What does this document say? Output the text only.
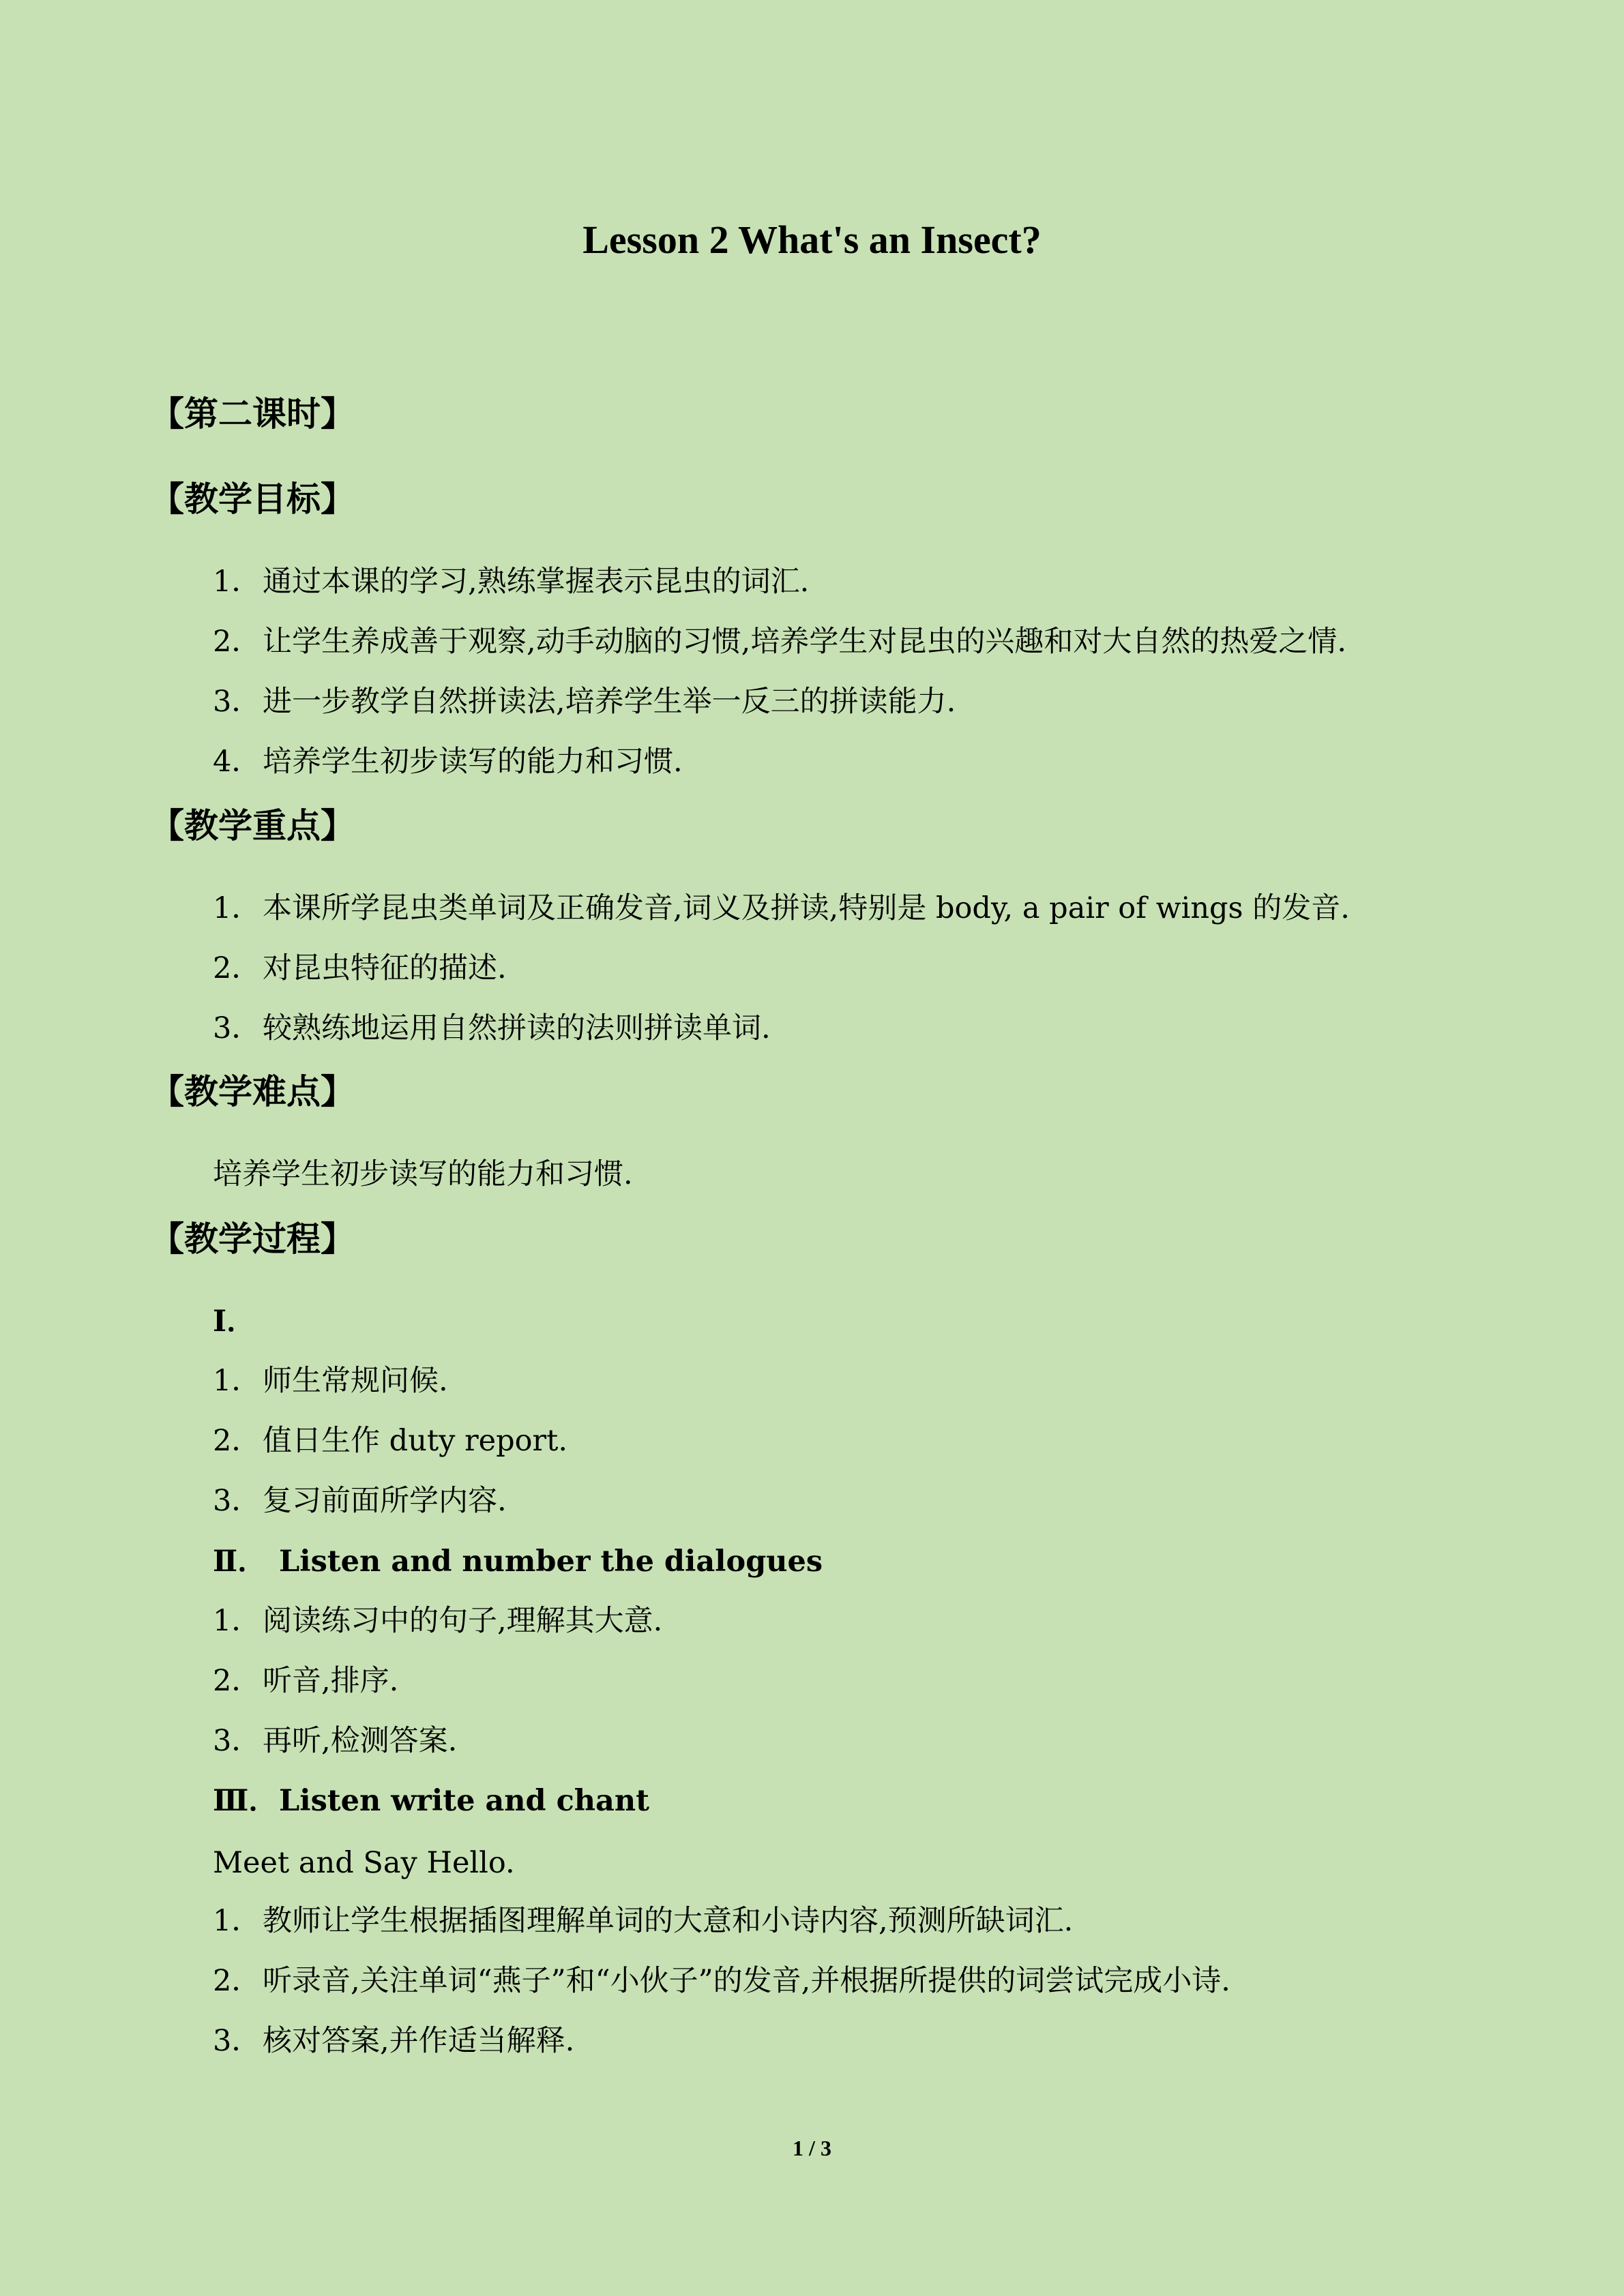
Lesson 2 What's an Insect?
【第二课时】
【教学目标】
1．通过本课的学习,熟练掌握表示昆虫的词汇.
2．让学生养成善于观察,动手动脑的习惯,培养学生对昆虫的兴趣和对大自然的热爱之情.
3．进一步教学自然拼读法,培养学生举一反三的拼读能力.
4．培养学生初步读写的能力和习惯.
【教学重点】
1．本课所学昆虫类单词及正确发音,词义及拼读,特别是 body, a pair of wings 的发音.
2．对昆虫特征的描述.
3．较熟练地运用自然拼读的法则拼读单词.
【教学难点】
培养学生初步读写的能力和习惯.
【教学过程】
Ⅰ．
1．师生常规问候.
2．值日生作 duty report.
3．复习前面所学内容.
Ⅱ． Listen and number the dialogues
1．阅读练习中的句子,理解其大意.
2．听音,排序.
3．再听,检测答案.
Ⅲ．Listen write and chant
Meet and Say Hello.
1．教师让学生根据插图理解单词的大意和小诗内容,预测所缺词汇.
2．听录音,关注单词“燕子”和“小伙子”的发音,并根据所提供的词尝试完成小诗.
3．核对答案,并作适当解释.
1 / 3
